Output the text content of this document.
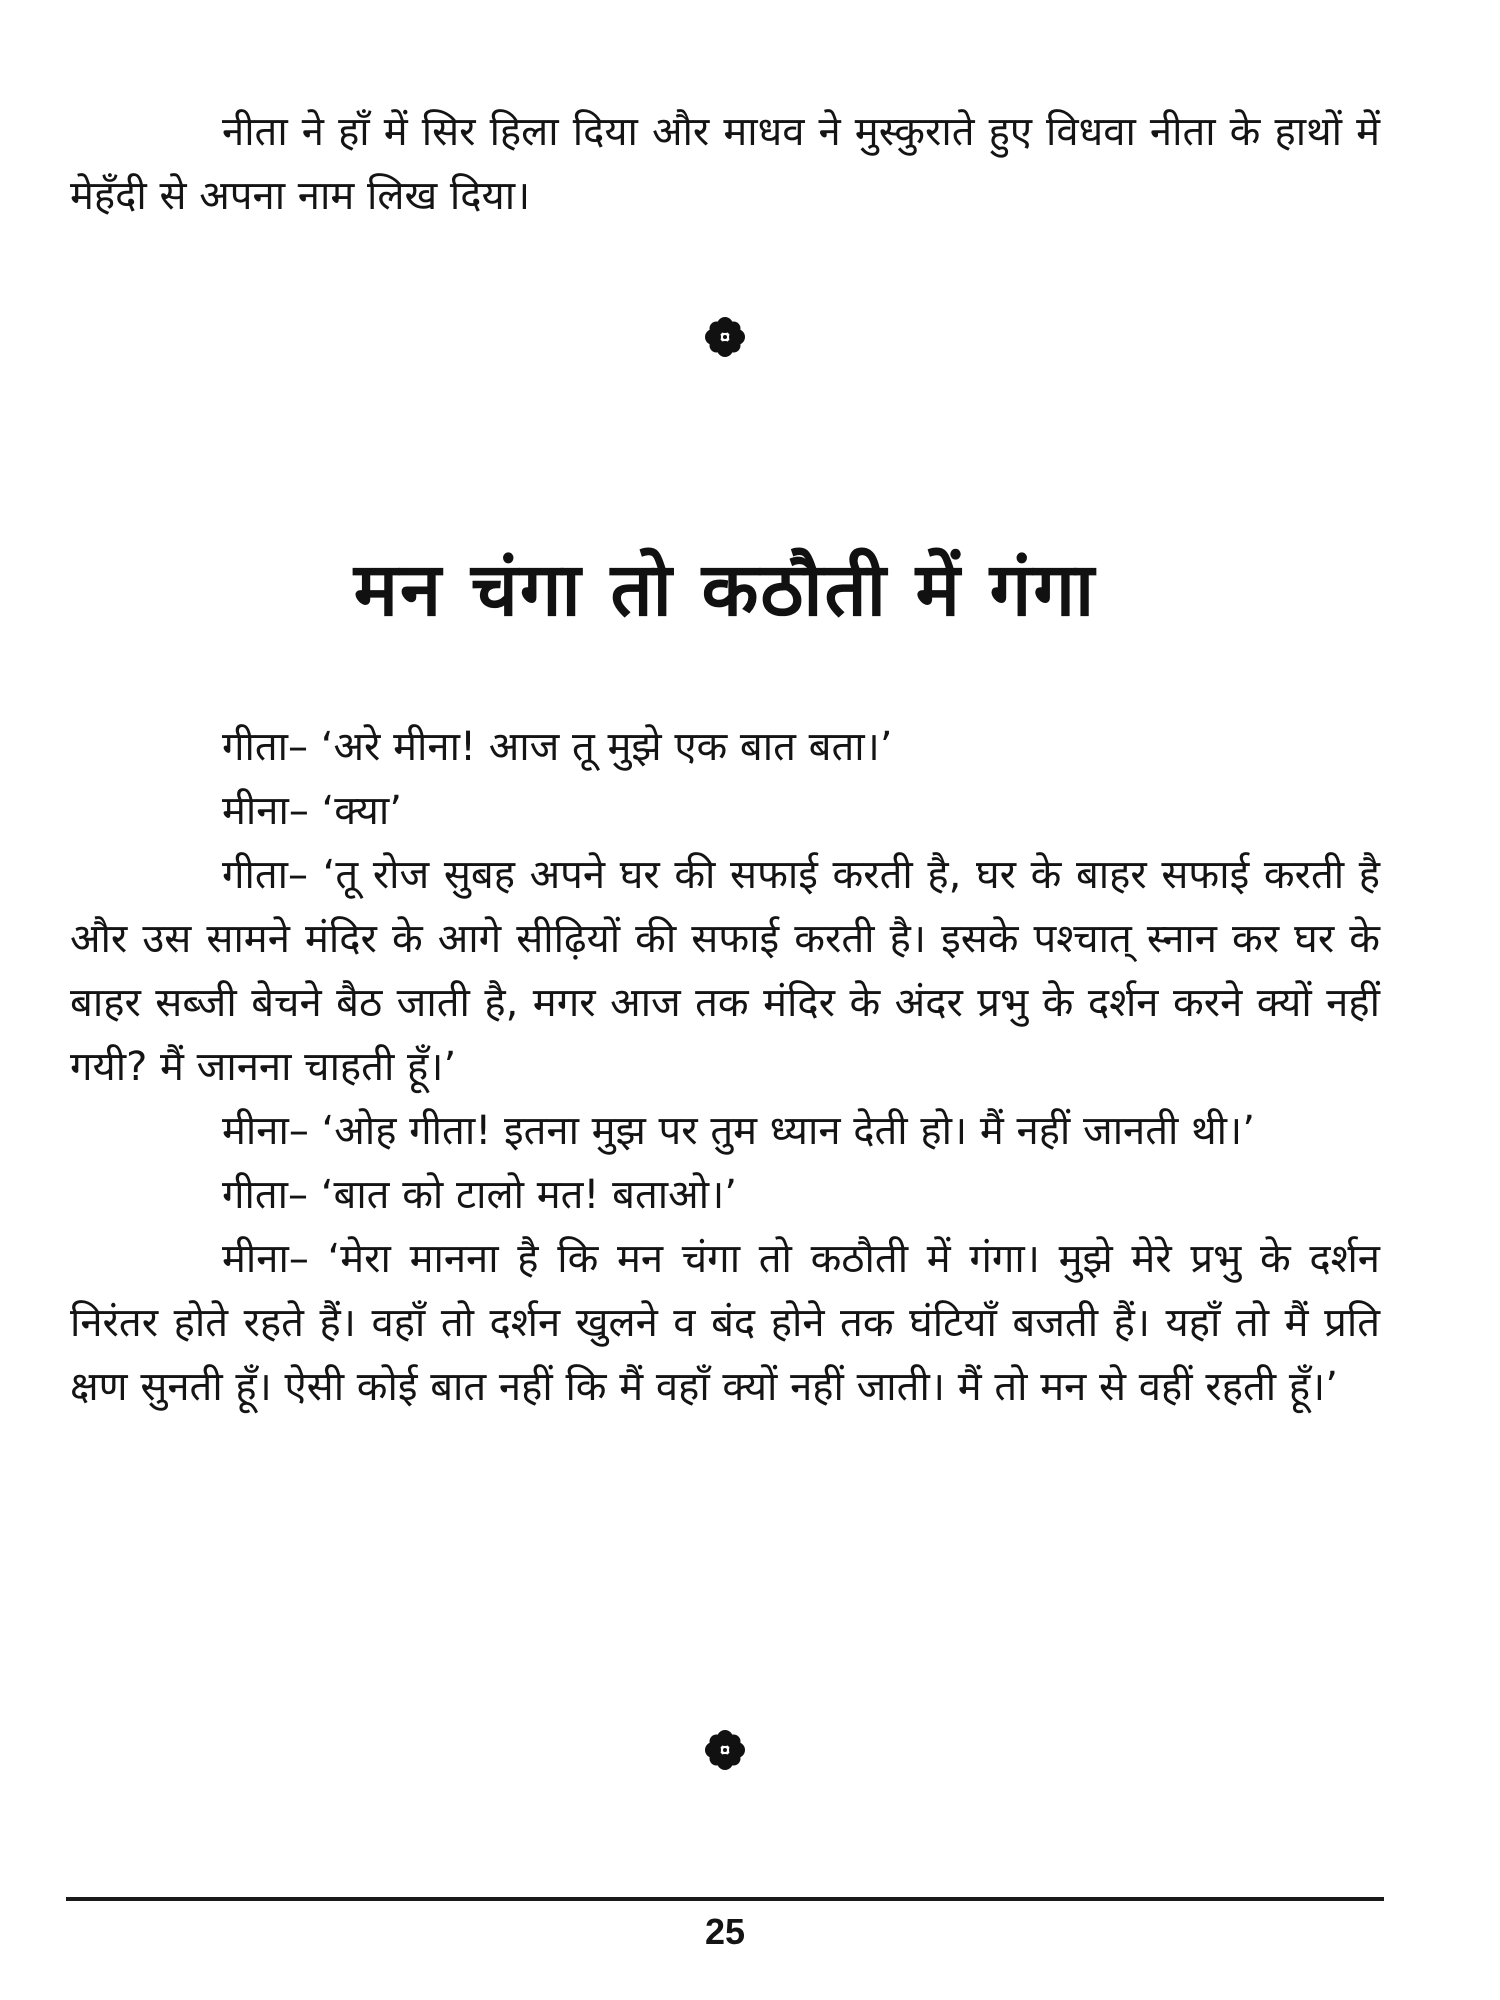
नीता ने हाँ में सिर हिला दिया और माधव ने मुस्कुराते हुए विधवा नीता के हाथों में मेहँदी से अपना नाम लिख दिया।

मन चंगा तो कठौती में गंगा

गीता– ‘अरे मीना! आज तू मुझे एक बात बता।’

मीना– ‘क्या’

गीता– ‘तू रोज सुबह अपने घर की सफाई करती है, घर के बाहर सफाई करती है और उस सामने मंदिर के आगे सीढ़ियों की सफाई करती है। इसके पश्चात् स्नान कर घर के बाहर सब्जी बेचने बैठ जाती है, मगर आज तक मंदिर के अंदर प्रभु के दर्शन करने क्यों नहीं गयी? मैं जानना चाहती हूँ।’

मीना– ‘ओह गीता! इतना मुझ पर तुम ध्यान देती हो। मैं नहीं जानती थी।’

गीता– ‘बात को टालो मत! बताओ।’

मीना– ‘मेरा मानना है कि मन चंगा तो कठौती में गंगा। मुझे मेरे प्रभु के दर्शन निरंतर होते रहते हैं। वहाँ तो दर्शन खुलने व बंद होने तक घंटियाँ बजती हैं। यहाँ तो मैं प्रति क्षण सुनती हूँ। ऐसी कोई बात नहीं कि मैं वहाँ क्यों नहीं जाती। मैं तो मन से वहीं रहती हूँ।’

25
